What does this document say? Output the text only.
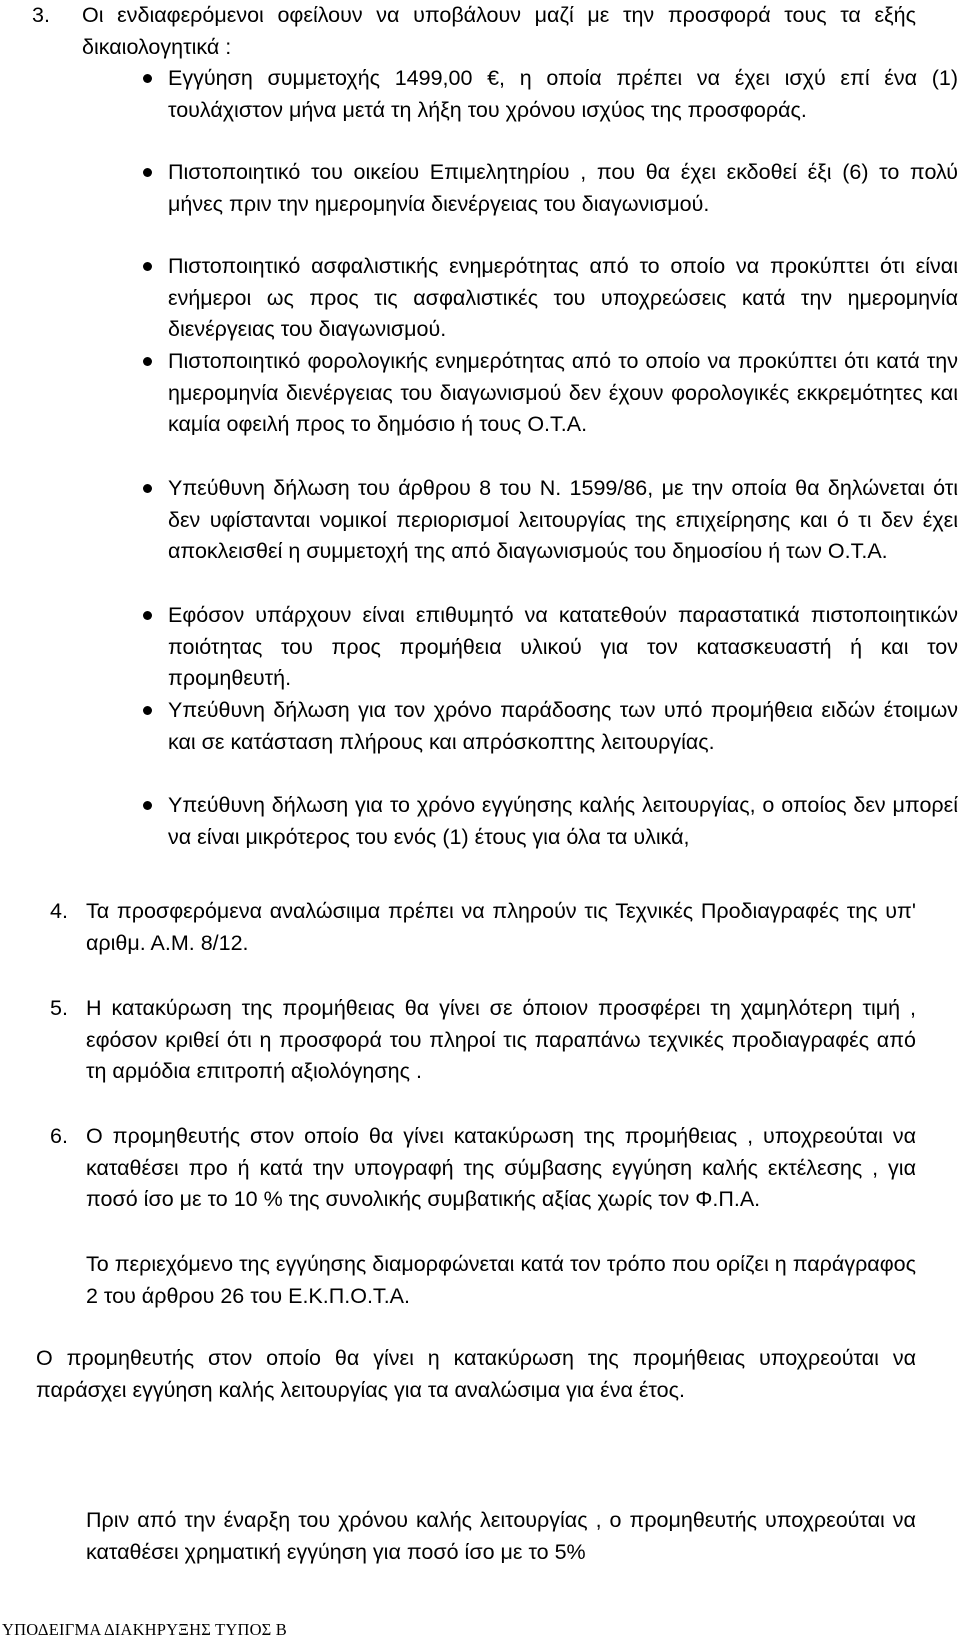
3.	Οι ενδιαφερόμενοι οφείλουν να υποβάλουν μαζί με την προσφορά τους τα εξής δικαιολογητικά :
Εγγύηση συμμετοχής 1499,00 €, η οποία πρέπει να έχει ισχύ επί ένα (1) τουλάχιστον μήνα μετά τη λήξη του χρόνου ισχύος της προσφοράς.
Πιστοποιητικό του οικείου Επιμελητηρίου , που θα έχει εκδοθεί έξι (6) το πολύ μήνες πριν την ημερομηνία διενέργειας του διαγωνισμού.
Πιστοποιητικό ασφαλιστικής ενημερότητας από το οποίο να προκύπτει ότι είναι ενήμεροι ως προς τις ασφαλιστικές του υποχρεώσεις κατά την ημερομηνία διενέργειας του διαγωνισμού.
Πιστοποιητικό φορολογικής ενημερότητας από το οποίο να προκύπτει ότι κατά την ημερομηνία διενέργειας του διαγωνισμού δεν έχουν φορολογικές εκκρεμότητες και καμία οφειλή προς το δημόσιο ή τους Ο.Τ.Α.
Υπεύθυνη δήλωση του άρθρου 8 του Ν. 1599/86, με την οποία θα δηλώνεται ότι δεν υφίστανται νομικοί περιορισμοί λειτουργίας της επιχείρησης και ό τι δεν έχει αποκλεισθεί η συμμετοχή της από διαγωνισμούς του δημοσίου ή των Ο.Τ.Α.
Εφόσον υπάρχουν είναι επιθυμητό να κατατεθούν παραστατικά πιστοποιητικών ποιότητας του προς προμήθεια υλικού για τον κατασκευαστή ή και τον προμηθευτή.
Υπεύθυνη δήλωση για τον χρόνο παράδοσης των υπό προμήθεια ειδών έτοιμων και σε κατάσταση πλήρους και απρόσκοπτης λειτουργίας.
Υπεύθυνη δήλωση για το χρόνο εγγύησης καλής λειτουργίας, ο οποίος δεν μπορεί να είναι μικρότερος του ενός (1) έτους για όλα τα υλικά,
4. Τα προσφερόμενα αναλώσιιμα πρέπει να πληρούν τις Τεχνικές Προδιαγραφές της υπ' αριθμ. Α.Μ. 8/12.
5. Η κατακύρωση της προμήθειας θα γίνει σε όποιον προσφέρει τη χαμηλότερη τιμή , εφόσον κριθεί ότι η προσφορά του πληροί τις παραπάνω τεχνικές προδιαγραφές από τη αρμόδια επιτροπή αξιολόγησης .
6. Ο προμηθευτής στον οποίο θα γίνει κατακύρωση της προμήθειας , υποχρεούται να καταθέσει προ ή κατά την υπογραφή της σύμβασης εγγύηση καλής εκτέλεσης , για ποσό ίσο με το 10 % της συνολικής συμβατικής αξίας χωρίς τον Φ.Π.Α.
Το περιεχόμενο της εγγύησης διαμορφώνεται κατά τον τρόπο που ορίζει η παράγραφος 2 του άρθρου 26 του Ε.Κ.Π.Ο.Τ.Α.
Ο προμηθευτής στον οποίο θα γίνει η κατακύρωση της προμήθειας υποχρεούται να παράσχει εγγύηση καλής λειτουργίας για τα αναλώσιμα για ένα έτος.
Πριν από την έναρξη του χρόνου καλής λειτουργίας , ο προμηθευτής υποχρεούται να καταθέσει χρηματική εγγύηση για ποσό ίσο με το 5%
ΥΠΟΔΕΙΓΜΑ ΔΙΑΚΗΡΥΞΗΣ ΤΥΠΟΣ Β
